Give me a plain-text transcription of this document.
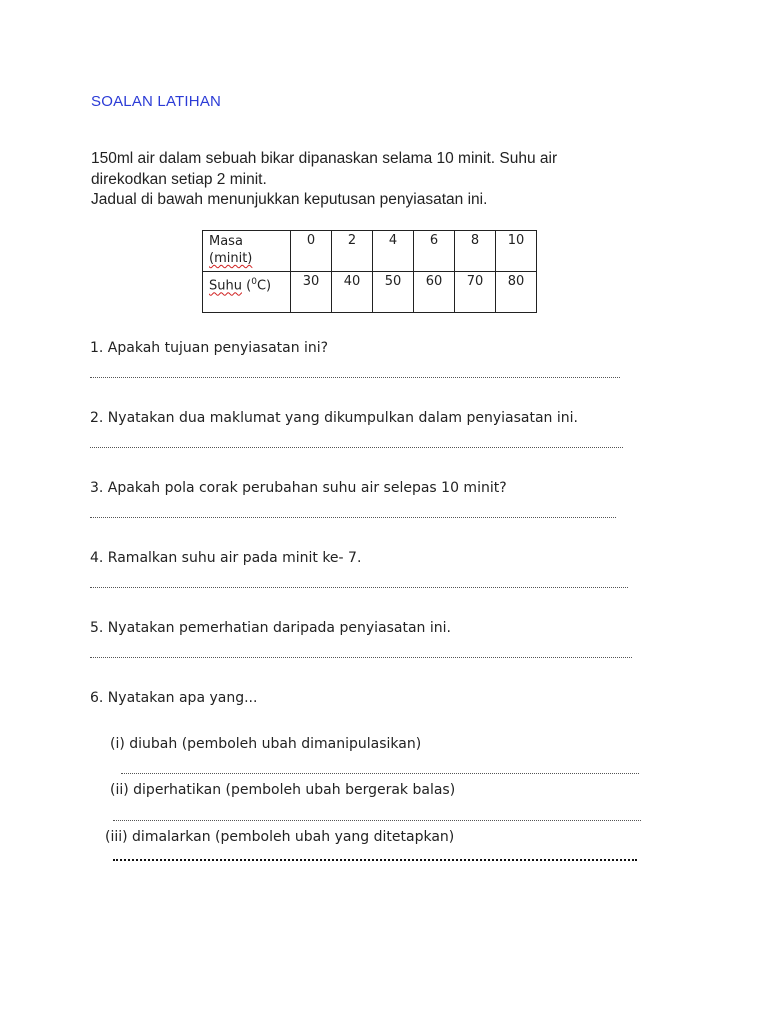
SOALAN LATIHAN
150ml air dalam sebuah bikar dipanaskan selama 10 minit. Suhu air
direkodkan setiap 2 minit.
Jadual di bawah menunjukkan keputusan penyiasatan ini.
Masa
(minit)	0	2	4	6	8	10
Suhu ($^0$C)	30	40	50	60	70	80
1. Apakah tujuan penyiasatan ini?
2. Nyatakan dua maklumat yang dikumpulkan dalam penyiasatan ini.
3. Apakah pola corak perubahan suhu air selepas 10 minit?
4. Ramalkan suhu air pada minit ke- 7.
5. Nyatakan pemerhatian daripada penyiasatan ini.
6. Nyatakan apa yang...
(i) diubah (pemboleh ubah dimanipulasikan)
(ii) diperhatikan (pemboleh ubah bergerak balas)
(iii) dimalarkan (pemboleh ubah yang ditetapkan)
